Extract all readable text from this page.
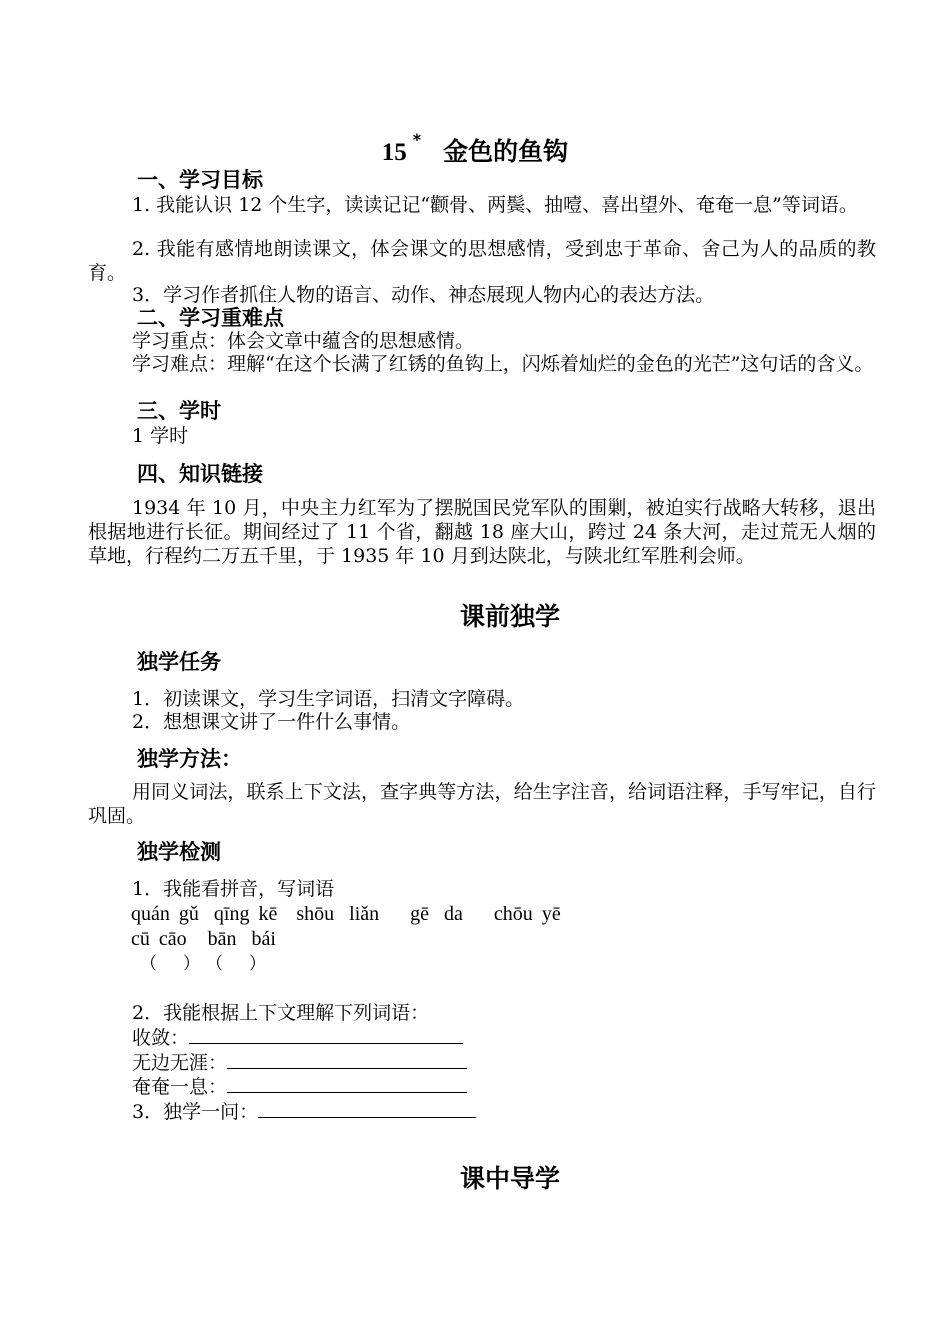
15 * 金色的鱼钩
一、学习目标
1. 我能认识 12 个生字，读读记记“颧骨、两鬓、抽噎、喜出望外、奄奄一息”等词语。
2. 我能有感情地朗读课文，体会课文的思想感情，受到忠于革命、舍己为人的品质的教育。
3．学习作者抓住人物的语言、动作、神态展现人物内心的表达方法。
二、学习重难点
学习重点：体会文章中蕴含的思想感情。
学习难点：理解“在这个长满了红锈的鱼钩上，闪烁着灿烂的金色的光芒”这句话的含义。
三、学时
1 学时
四、知识链接
1934 年 10 月，中央主力红军为了摆脱国民党军队的围剿，被迫实行战略大转移，退出根据地进行长征。期间经过了 11 个省，翻越 18 座大山，跨过 24 条大河，走过荒无人烟的草地，行程约二万五千里，于 1935 年 10 月到达陕北，与陕北红军胜利会师。
课前独学
独学任务
1．初读课文，学习生字词语，扫清文字障碍。
2．想想课文讲了一件什么事情。
独学方法：
用同义词法，联系上下文法，查字典等方法，给生字注音，给词语注释，手写牢记，自行巩固。
独学检测
1．我能看拼音，写词语
quán gǔ qīng kē shōu liǎn gē da chōu yē
cū cāo bān bái
（ ） （ ）
2．我能根据上下文理解下列词语：
收敛：
无边无涯：
奄奄一息：
3．独学一问：
课中导学
